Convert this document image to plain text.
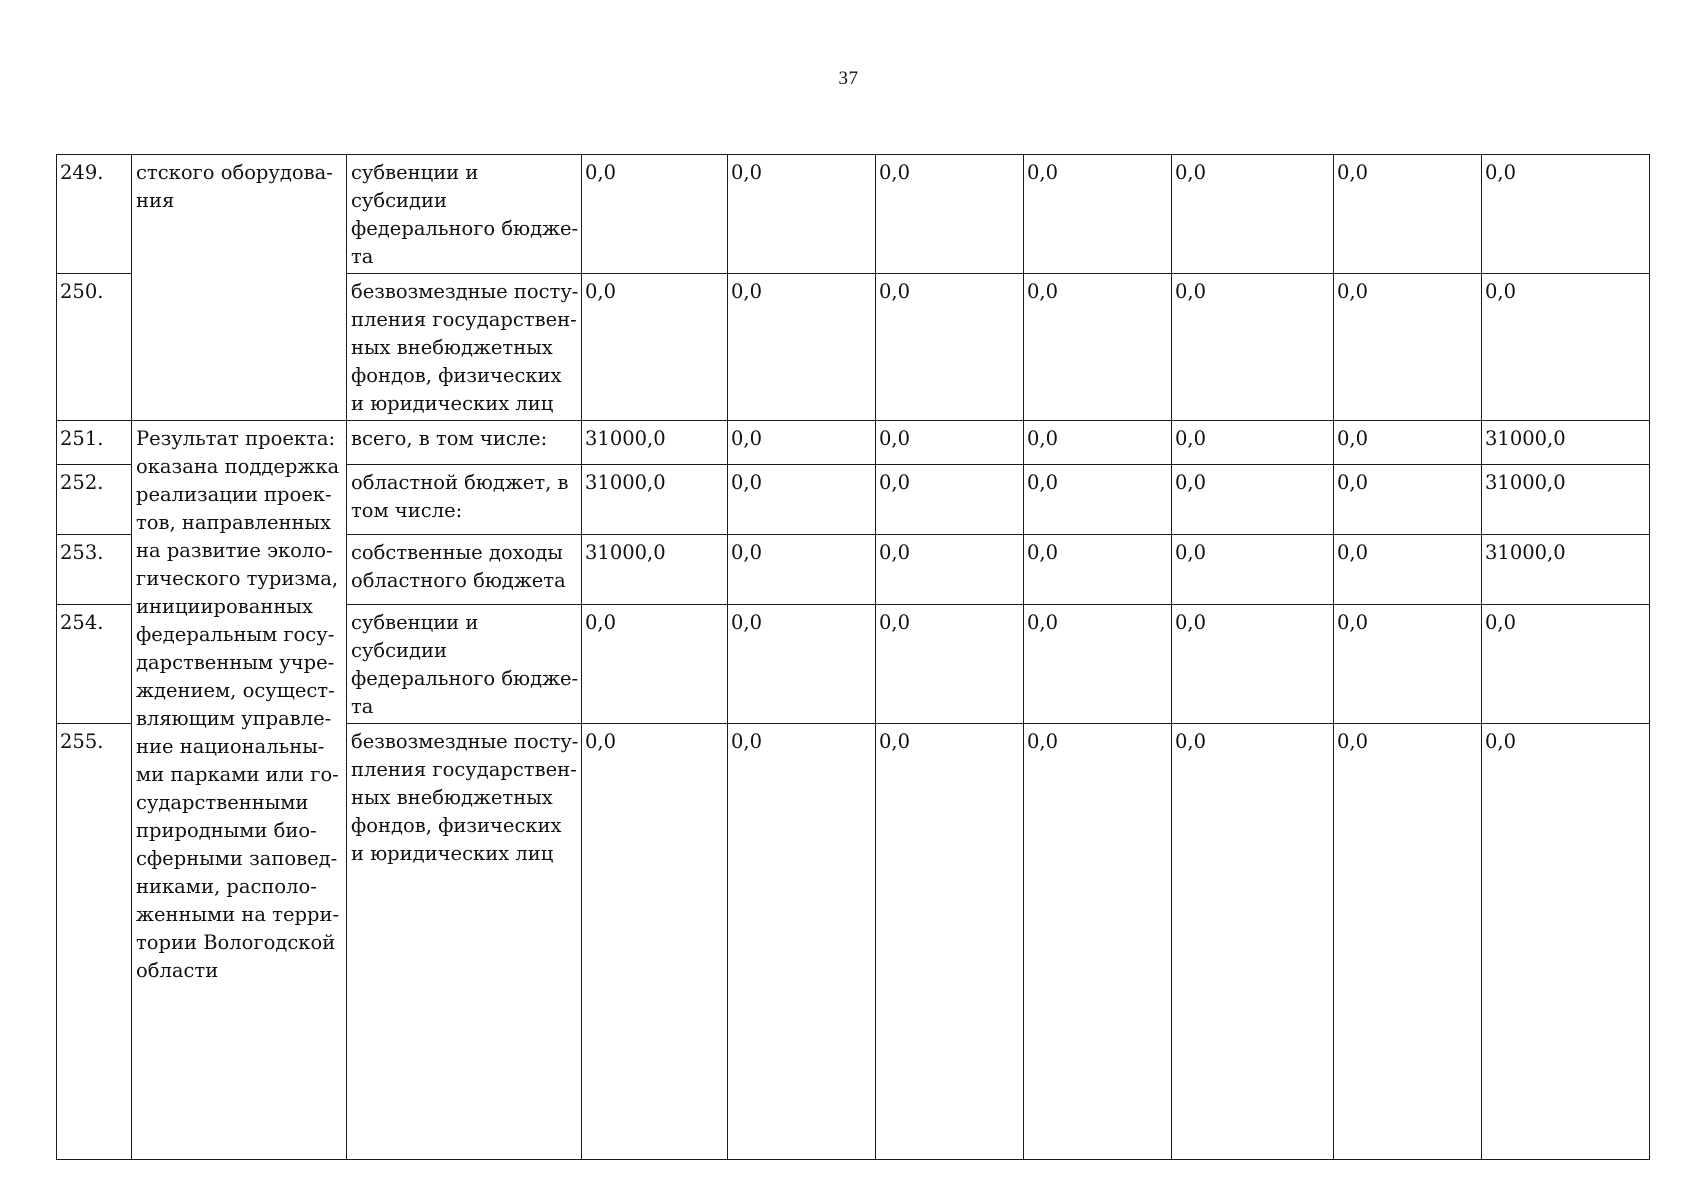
37
249.	стского оборудова-ния	субвенции и субсидии федерального бюдже-та	0,0	0,0	0,0	0,0	0,0	0,0	0,0
250.		безвозмездные посту-пления государствен-ных внебюджетных фондов, физических и юридических лиц	0,0	0,0	0,0	0,0	0,0	0,0	0,0
251.	Результат проекта: оказана поддержка реализации проек-тов, направленных на развитие эколо-гического туризма, инициированных федеральным госу-дарственным учре-ждением, осущест-вляющим управле-ние национальны-ми парками или го-сударственными природными био-сферными заповед-никами, располо-женными на терри-тории Вологодской области	всего, в том числе:	31000,0	0,0	0,0	0,0	0,0	0,0	31000,0
252.		областной бюджет, в том числе:	31000,0	0,0	0,0	0,0	0,0	0,0	31000,0
253.		собственные доходы областного бюджета	31000,0	0,0	0,0	0,0	0,0	0,0	31000,0
254.		субвенции и субсидии федерального бюдже-та	0,0	0,0	0,0	0,0	0,0	0,0	0,0
255.		безвозмездные посту-пления государствен-ных внебюджетных фондов, физических и юридических лиц	0,0	0,0	0,0	0,0	0,0	0,0	0,0
